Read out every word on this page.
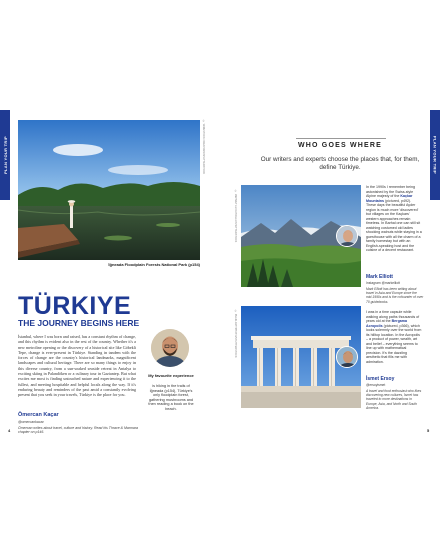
PLAN YOUR TRIP	© WIRESTOCK CREATORS/SHUTTERSTOCK
İğneada Floodplain Forests National Park (p154)
TÜRKIYE
THE JOURNEY BEGINS HERE
İstanbul, where I was born and raised, has a constant rhythm of change, and this rhythm is evident also in the rest of the country. Whether it's a new metroline opening or the discovery of a historical site like Göbekli Tepe, change is ever-present in Türkiye. Standing in tandem with the forces of change are the country's historical landmarks, magnificent landscapes and cultural heritage. There are so many things to enjoy in this diverse country, from a sun-soaked seaside retreat in Antalya to exciting skiing in Palandöken or a culinary tour in Gaziantep. But what excites me most is finding untouched nature and experiencing it to the fullest, and meeting hospitable and helpful locals along the way. If it's enduring beauty and reminders of the past amid a constantly evolving present that you seek in your travels, Türkiye is the place for you.
Ömercan Kaçar
@omercankacar
Ömercan writes about travel, culture and history. Read his Thrace & Marmara chapter on p146.
My favourite experience
is hiking in the trails of İğneada (p154), Türkiye's only floodplain forest, gathering mushrooms and then reading a book on the beach.
4
PLAN YOUR TRIP
WHO GOES WHERE
Our writers and experts choose the places that, for them, define Türkiye.
© MEHMET ALI KATOGLU/SHUTTERSTOCK
In the 1990s I remember being astonished by the Swiss-style Alpine majesty of the Kaçkar Mountains (pictured, p492). These days the beautiful Ayder region is much more 'discovered' but villages on the Kaçkars' western approaches remain timeless. In Barhal one can still sit watching costumed old ladies shocking walnuts while staying in a guesthouse with all the charm of a family homestay but with an English-speaking host and the cuisine of a decent restaurant.
Mark Elliott
Instagram @markelliott
Mark Elliott has been writing about travel in Asia and Europe since the mid-1990s and is the cofounder of over 70 guidebooks.
© PEAKLIGHTPHOTO/SHUTTERSTOCK	I was in a time capsule while walking along paths thousands of years old at the Bergama Acropolis (pictured, p366), which looks solemnly over the world from its hilltop location. In the Acropolis – a product of power, wealth, art and belief – everything seems to line up with mathematical precision. It's the dazzling aesthetic that fills me with admiration.
İsmet Ersoy
@ersoyismet
A travel and food enthusiast who likes discovering new cultures, İsmet has traveled to more destinations in Europe, Asia, and North and South America.
5
